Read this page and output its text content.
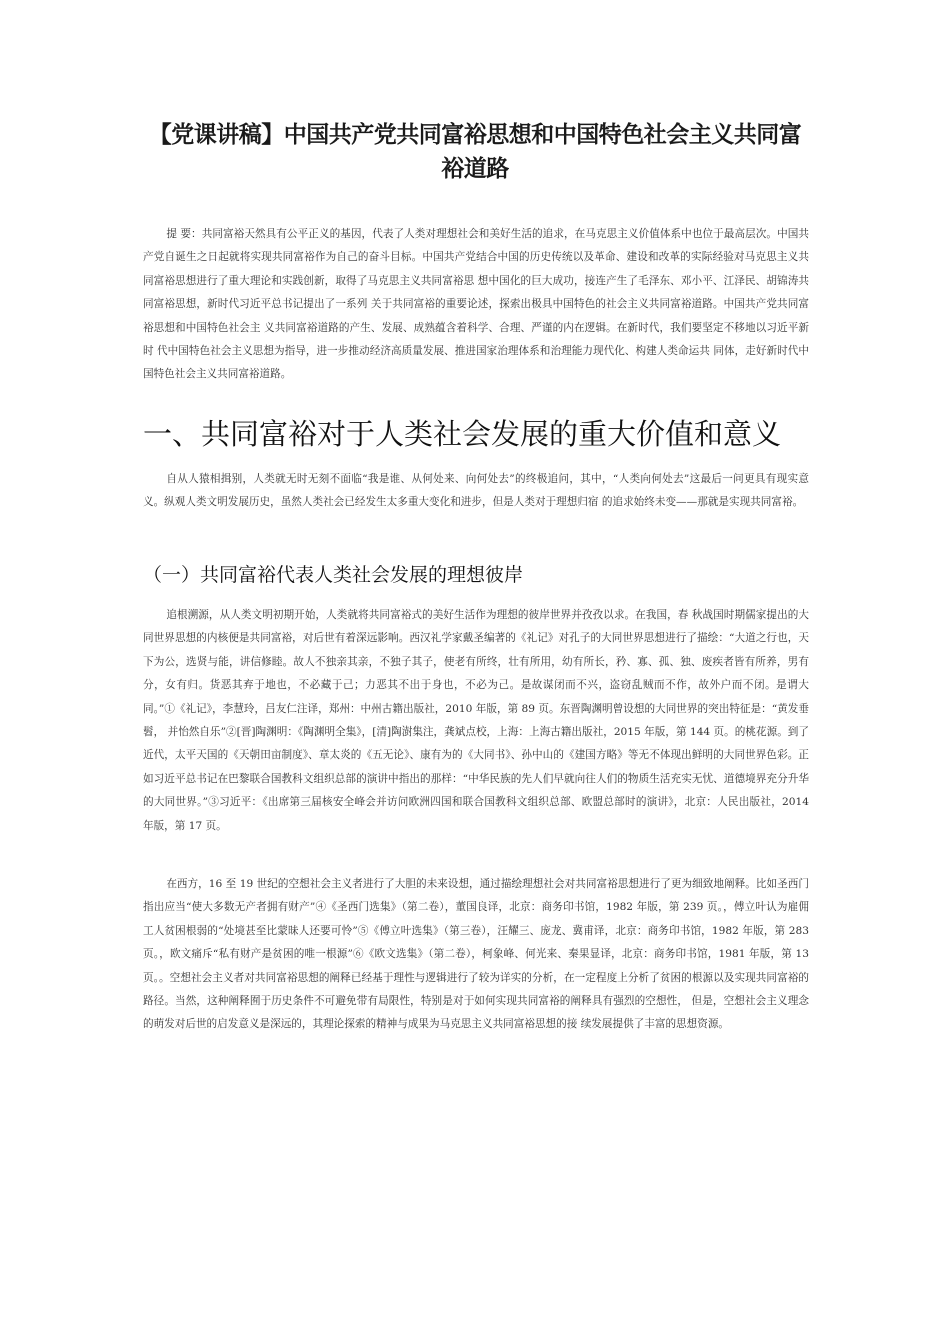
【党课讲稿】中国共产党共同富裕思想和中国特色社会主义共同富裕道路
提 要：共同富裕天然具有公平正义的基因，代表了人类对理想社会和美好生活的追求，在马克思主义价值体系中也位于最高层次。中国共产党自诞生之日起就将实现共同富裕作为自己的奋斗目标。中国共产党结合中国的历史传统以及革命、建设和改革的实际经验对马克思主义共同富裕思想进行了重大理论和实践创新，取得了马克思主义共同富裕思 想中国化的巨大成功，接连产生了毛泽东、邓小平、江泽民、胡锦涛共同富裕思想，新时代习近平总书记提出了一系列 关于共同富裕的重要论述，探索出极具中国特色的社会主义共同富裕道路。中国共产党共同富裕思想和中国特色社会主 义共同富裕道路的产生、发展、成熟蕴含着科学、合理、严谨的内在逻辑。在新时代，我们要坚定不移地以习近平新时 代中国特色社会主义思想为指导，进一步推动经济高质量发展、推进国家治理体系和治理能力现代化、构建人类命运共 同体，走好新时代中国特色社会主义共同富裕道路。
一、共同富裕对于人类社会发展的重大价值和意义
自从人猿相揖别，人类就无时无刻不面临“我是谁、从何处来、向何处去”的终极追问，其中，“人类向何处去”这最后一问更具有现实意义。纵观人类文明发展历史，虽然人类社会已经发生太多重大变化和进步，但是人类对于理想归宿 的追求始终未变——那就是实现共同富裕。
（一）共同富裕代表人类社会发展的理想彼岸
追根溯源，从人类文明初期开始，人类就将共同富裕式的美好生活作为理想的彼岸世界并孜孜以求。在我国，春 秋战国时期儒家提出的大同世界思想的内核便是共同富裕，对后世有着深远影响。西汉礼学家戴圣编著的《礼记》对孔子的大同世界思想进行了描绘：“大道之行也，天下为公，选贤与能，讲信修睦。故人不独亲其亲，不独子其子，使老有所终，壮有所用，幼有所长，矜、寡、孤、独、废疾者皆有所养，男有分，女有归。货恶其弃于地也，不必藏于己；力恶其不出于身也，不必为己。是故谋闭而不兴，盗窃乱贼而不作，故外户而不闭。是谓大同。”①《礼记》，李慧玲，吕友仁注译，郑州：中州古籍出版社，2010 年版，第 89 页。东晋陶渊明曾设想的大同世界的突出特征是：“黄发垂髫， 并怡然自乐”②[晋]陶渊明：《陶渊明全集》，[清]陶澍集注，龚斌点校，上海：上海古籍出版社，2015 年版，第 144 页。的桃花源。到了近代，太平天国的《天朝田亩制度》、章太炎的《五无论》、康有为的《大同书》、孙中山的《建国方略》等无不体现出鲜明的大同世界色彩。正如习近平总书记在巴黎联合国教科文组织总部的演讲中指出的那样：“中华民族的先人们早就向往人们的物质生活充实无忧、道德境界充分升华的大同世界。”③习近平：《出席第三届核安全峰会并访问欧洲四国和联合国教科文组织总部、欧盟总部时的演讲》，北京：人民出版社，2014 年版，第 17 页。
在西方，16 至 19 世纪的空想社会主义者进行了大胆的未来设想，通过描绘理想社会对共同富裕思想进行了更为细致地阐释。比如圣西门指出应当“使大多数无产者拥有财产”④《圣西门选集》（第二卷），董国良译，北京：商务印书馆，1982 年版，第 239 页。，傅立叶认为雇佣工人贫困根弱的“处境甚至比蒙昧人还要可怜”⑤《傅立叶选集》（第三卷），汪耀三、庞龙、冀甫译，北京：商务印书馆，1982 年版，第 283 页。，欧文痛斥“私有财产是贫困的唯一根源”⑥《欧文选集》（第二卷），柯象峰、何光来、秦果显译，北京：商务印书馆，1981 年版，第 13 页。。空想社会主义者对共同富裕思想的阐释已经基于理性与逻辑进行了较为详实的分析，在一定程度上分析了贫困的根源以及实现共同富裕的路径。当然，这种阐释囿于历史条件不可避免带有局限性，特别是对于如何实现共同富裕的阐释具有强烈的空想性， 但是，空想社会主义理念的萌发对后世的启发意义是深远的，其理论探索的精神与成果为马克思主义共同富裕思想的接 续发展提供了丰富的思想资源。
